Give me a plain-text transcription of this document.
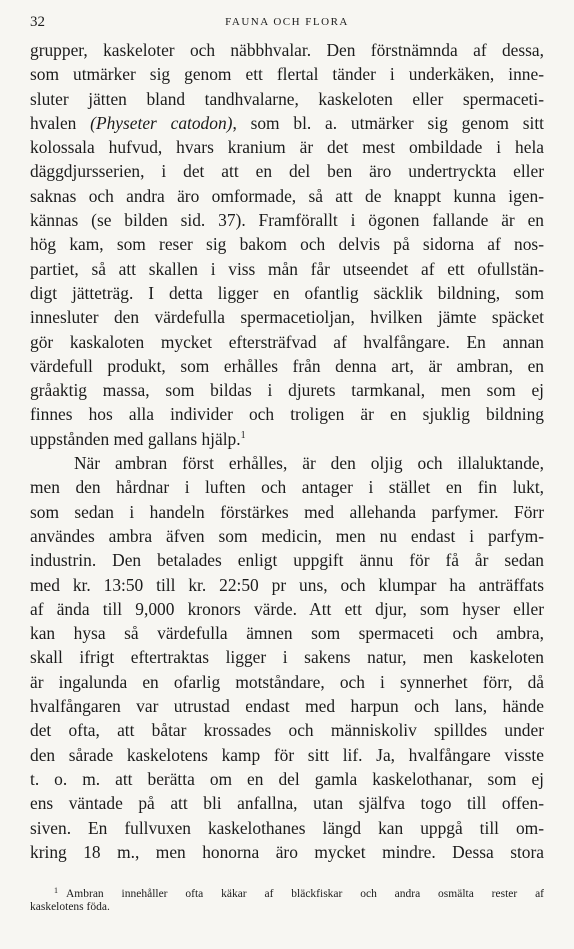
32	FAUNA OCH FLORA
grupper, kaskeloter och näbbhvalar. Den förstnämnda af dessa,
som utmärker sig genom ett flertal tänder i underkäken, inne-
sluter jätten bland tandhvalarne, kaskeloten eller spermaceti-
hvalen (Physeter catodon), som bl. a. utmärker sig genom sitt
kolossala hufvud, hvars kranium är det mest ombildade i hela
däggdjursserien, i det att en del ben äro undertryckta eller
saknas och andra äro omformade, så att de knappt kunna igen-
kännas (se bilden sid. 37). Framförallt i ögonen fallande är en
hög kam, som reser sig bakom och delvis på sidorna af nos-
partiet, så att skallen i viss mån får utseendet af ett ofullstän-
digt jätteträg. I detta ligger en ofantlig säcklik bildning, som
innesluter den värdefulla spermacetioljan, hvilken jämte späcket
gör kaskaloten mycket eftersträfvad af hvalfångare. En annan
värdefull produkt, som erhålles från denna art, är ambran, en
gråaktig massa, som bildas i djurets tarmkanal, men som ej
finnes hos alla individer och troligen är en sjuklig bildning
uppstånden med gallans hjälp.$^1$
När ambran först erhålles, är den oljig och illaluktande,
men den hårdnar i luften och antager i stället en fin lukt,
som sedan i handeln förstärkes med allehanda parfymer. Förr
användes ambra äfven som medicin, men nu endast i parfym-
industrin. Den betalades enligt uppgift ännu för få år sedan
med kr. 13:50 till kr. 22:50 pr uns, och klumpar ha anträffats
af ända till 9,000 kronors värde. Att ett djur, som hyser eller
kan hysa så värdefulla ämnen som spermaceti och ambra,
skall ifrigt eftertraktas ligger i sakens natur, men kaskeloten
är ingalunda en ofarlig motståndare, och i synnerhet förr, då
hvalfångaren var utrustad endast med harpun och lans, hände
det ofta, att båtar krossades och människoliv spilldes under
den sårade kaskelotens kamp för sitt lif. Ja, hvalfångare visste
t. o. m. att berätta om en del gamla kaskelothanar, som ej
ens väntade på att bli anfallna, utan själfva togo till offen-
siven. En fullvuxen kaskelothanes längd kan uppgå till om-
kring 18 m., men honorna äro mycket mindre. Dessa stora
$^1$ Ambran innehåller ofta käkar af bläckfiskar och andra osmälta rester af
kaskelotens föda.
